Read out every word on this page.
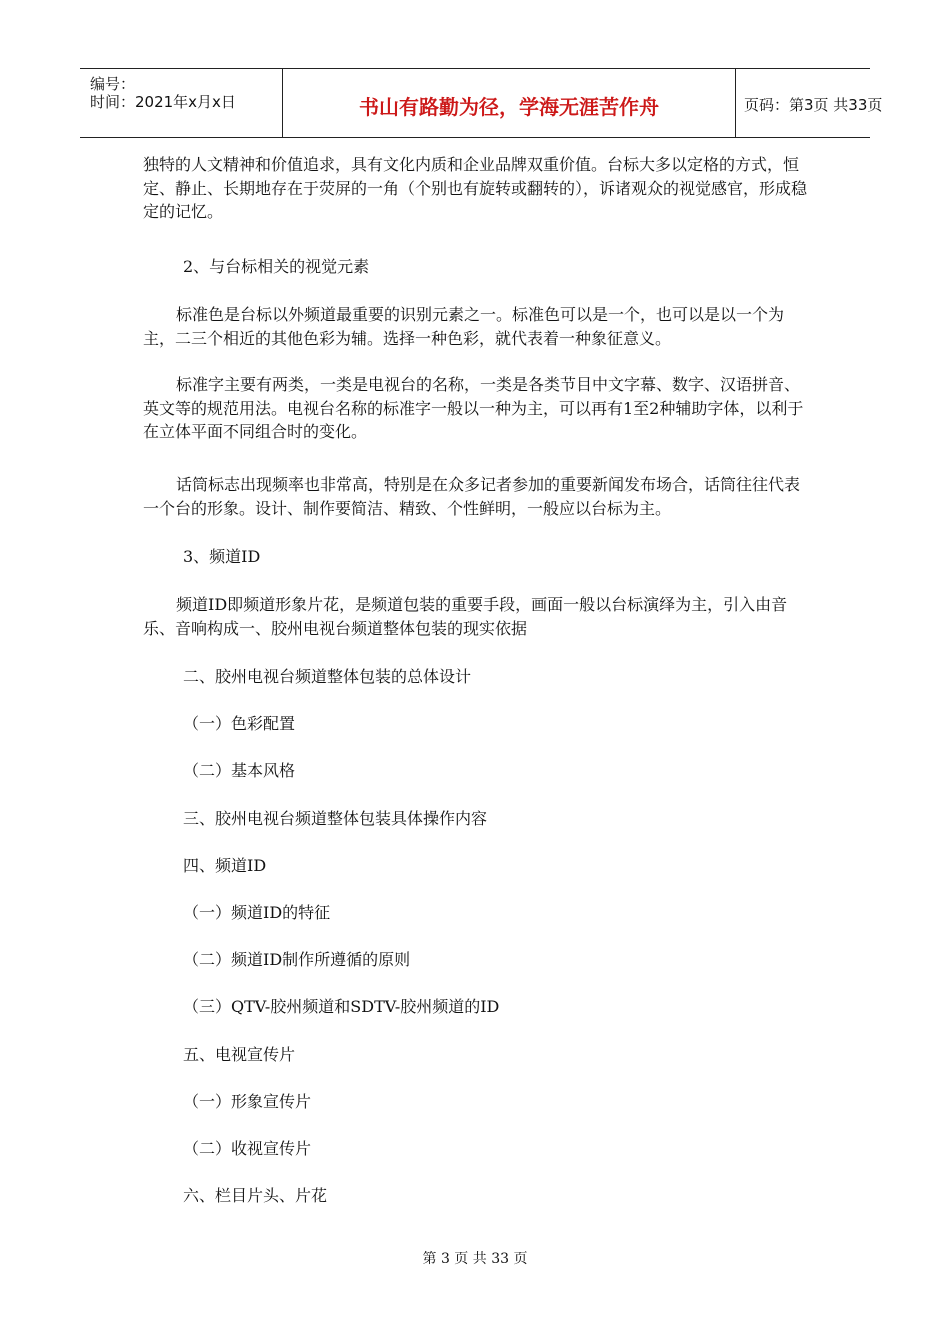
编号：
时间：2021年x月x日	书山有路勤为径，学海无涯苦作舟	页码：第3页 共33页

独特的人文精神和价值追求，具有文化内质和企业品牌双重价值。台标大多以定格的方式，恒定、静止、长期地存在于荧屏的一角（个别也有旋转或翻转的），诉诸观众的视觉感官，形成稳定的记忆。

2、与台标相关的视觉元素

标准色是台标以外频道最重要的识别元素之一。标准色可以是一个，也可以是以一个为主，二三个相近的其他色彩为辅。选择一种色彩，就代表着一种象征意义。

标准字主要有两类，一类是电视台的名称，一类是各类节目中文字幕、数字、汉语拼音、英文等的规范用法。电视台名称的标准字一般以一种为主，可以再有1至2种辅助字体，以利于在立体平面不同组合时的变化。

话筒标志出现频率也非常高，特别是在众多记者参加的重要新闻发布场合，话筒往往代表一个台的形象。设计、制作要简洁、精致、个性鲜明，一般应以台标为主。

3、频道ID

频道ID即频道形象片花，是频道包装的重要手段，画面一般以台标演绎为主，引入由音乐、音响构成一、胶州电视台频道整体包装的现实依据

二、胶州电视台频道整体包装的总体设计

（一）色彩配置

（二）基本风格

三、胶州电视台频道整体包装具体操作内容

四、频道ID

（一）频道ID的特征

（二）频道ID制作所遵循的原则

（三）QTV-胶州频道和SDTV-胶州频道的ID

五、电视宣传片

（一）形象宣传片

（二）收视宣传片

六、栏目片头、片花

第 3 页 共 33 页
